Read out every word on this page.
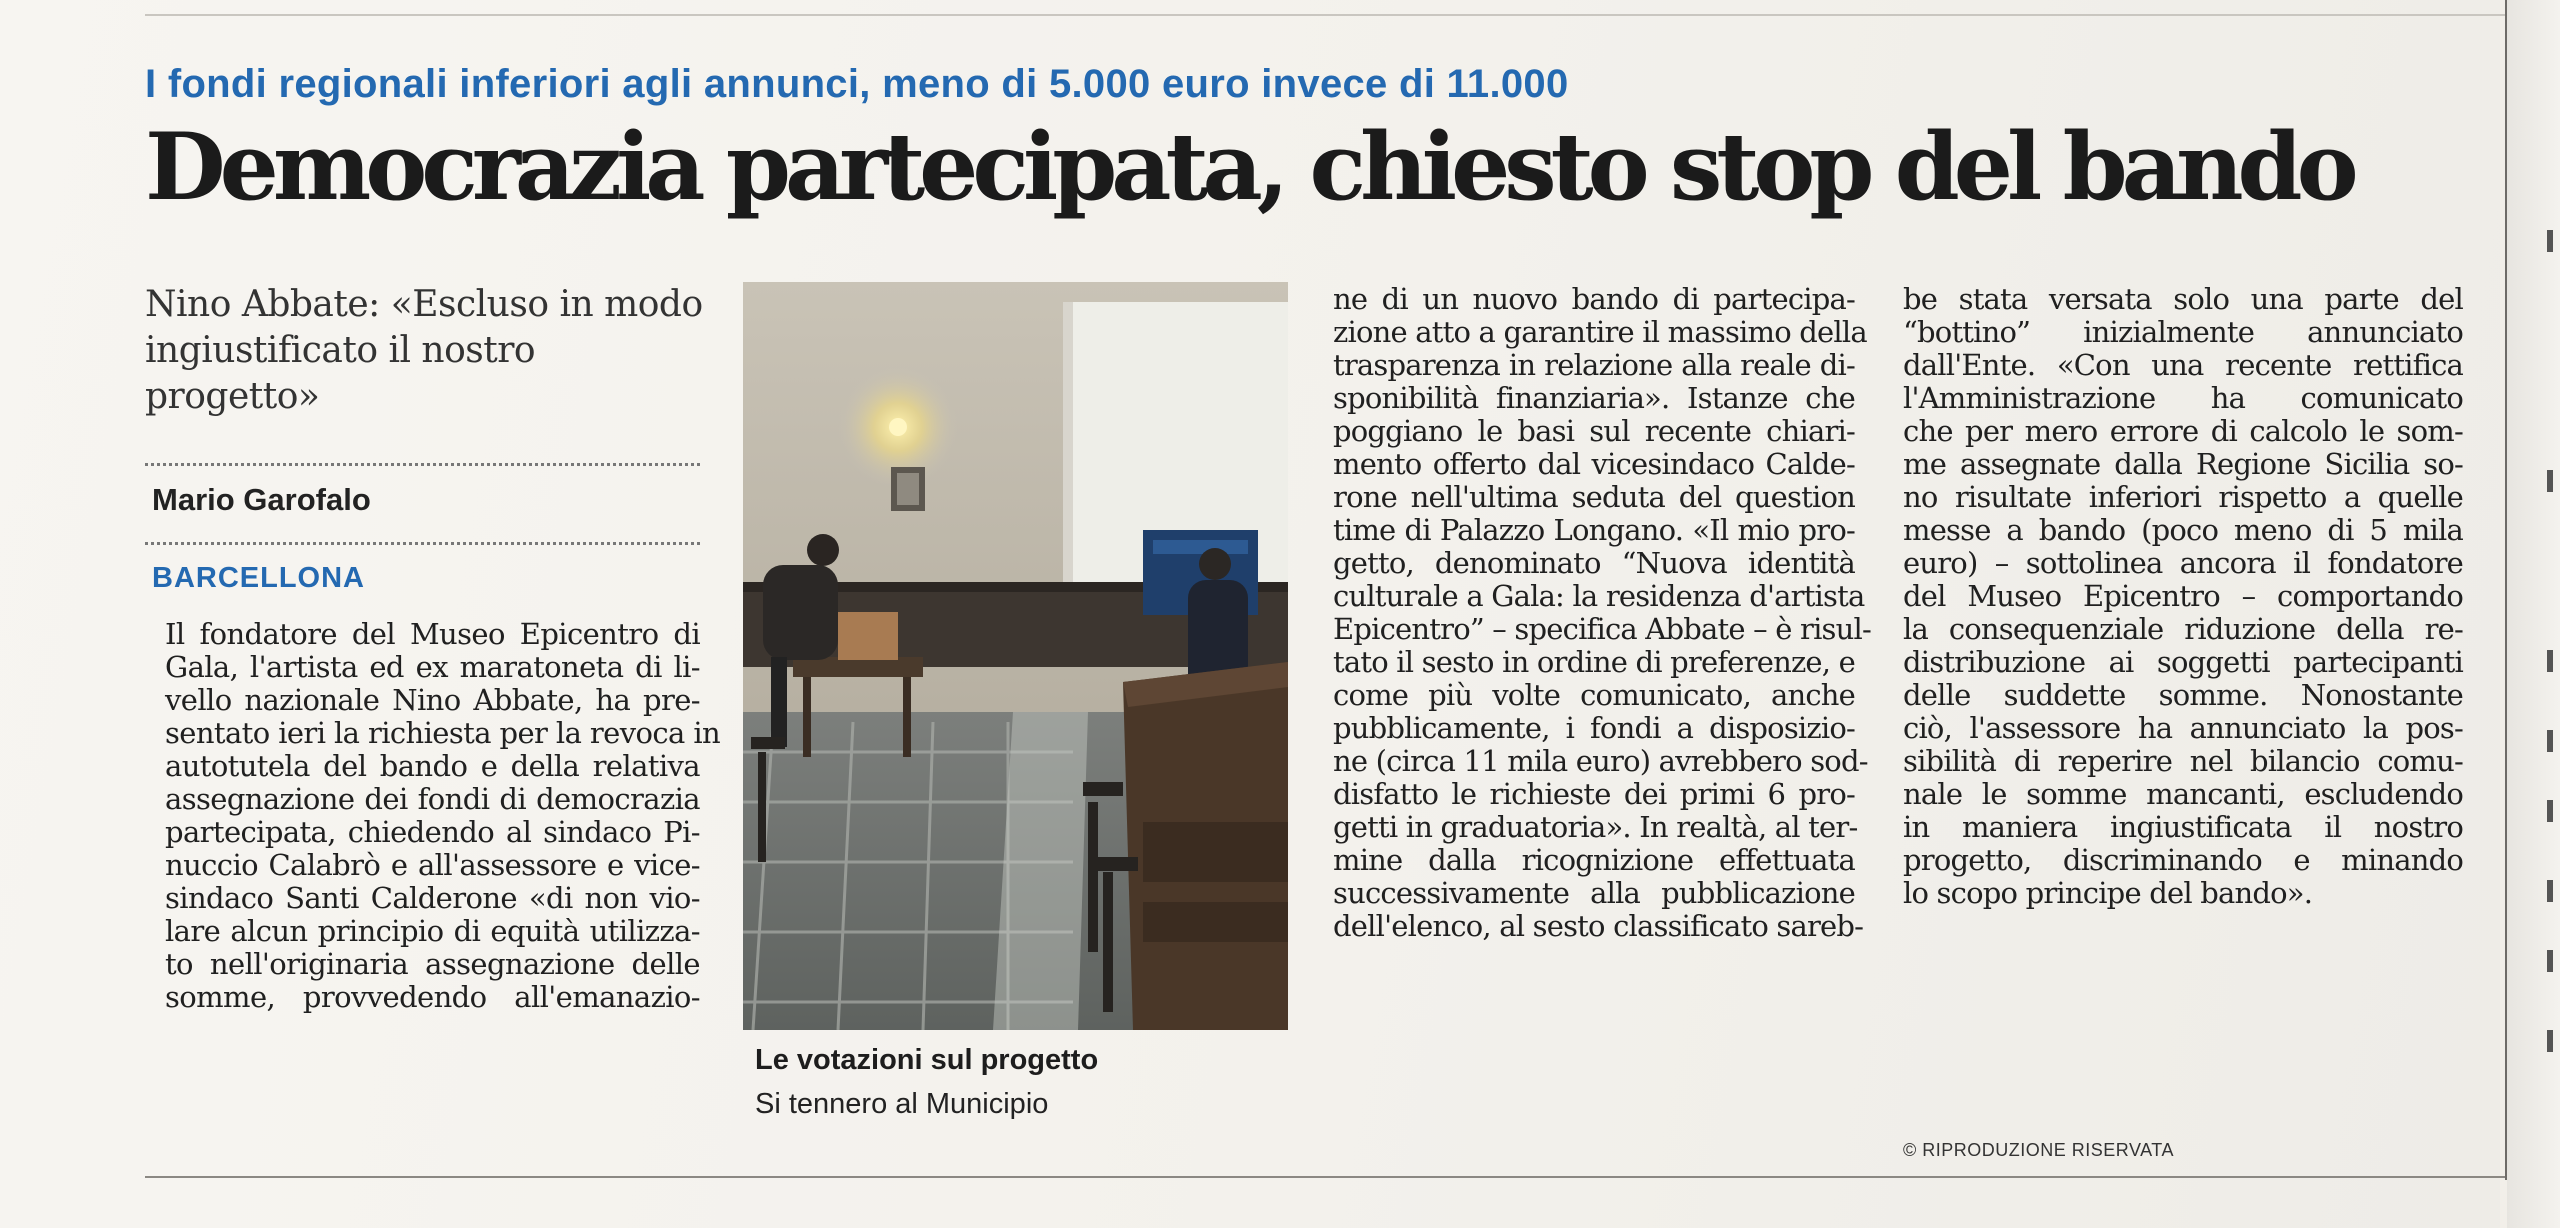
I fondi regionali inferiori agli annunci, meno di 5.000 euro invece di 11.000
Democrazia partecipata, chiesto stop del bando
Nino Abbate: «Escluso in modo ingiustificato il nostro progetto»
Mario Garofalo
BARCELLONA
Il fondatore del Museo Epicentro di
Gala, l'artista ed ex maratoneta di li-
vello nazionale Nino Abbate, ha pre-
sentato ieri la richiesta per la revoca in
autotutela del bando e della relativa
assegnazione dei fondi di democrazia
partecipata, chiedendo al sindaco Pi-
nuccio Calabrò e all'assessore e vice-
sindaco Santi Calderone «di non vio-
lare alcun principio di equità utilizza-
to nell'originaria assegnazione delle
somme, provvedendo all'emanazio-
Le votazioni sul progetto
Si tennero al Municipio
ne di un nuovo bando di partecipa-
zione atto a garantire il massimo della
trasparenza in relazione alla reale di-
sponibilità finanziaria». Istanze che
poggiano le basi sul recente chiari-
mento offerto dal vicesindaco Calde-
rone nell'ultima seduta del question
time di Palazzo Longano. «Il mio pro-
getto, denominato “Nuova identità
culturale a Gala: la residenza d'artista
Epicentro” – specifica Abbate – è risul-
tato il sesto in ordine di preferenze, e
come più volte comunicato, anche
pubblicamente, i fondi a disposizio-
ne (circa 11 mila euro) avrebbero sod-
disfatto le richieste dei primi 6 pro-
getti in graduatoria». In realtà, al ter-
mine dalla ricognizione effettuata
successivamente alla pubblicazione
dell'elenco, al sesto classificato sareb-
be stata versata solo una parte del
“bottino” inizialmente annunciato
dall'Ente. «Con una recente rettifica
l'Amministrazione ha comunicato
che per mero errore di calcolo le som-
me assegnate dalla Regione Sicilia so-
no risultate inferiori rispetto a quelle
messe a bando (poco meno di 5 mila
euro) – sottolinea ancora il fondatore
del Museo Epicentro – comportando
la consequenziale riduzione della re-
distribuzione ai soggetti partecipanti
delle suddette somme. Nonostante
ciò, l'assessore ha annunciato la pos-
sibilità di reperire nel bilancio comu-
nale le somme mancanti, escludendo
in maniera ingiustificata il nostro
progetto, discriminando e minando
lo scopo principe del bando».
© RIPRODUZIONE RISERVATA
